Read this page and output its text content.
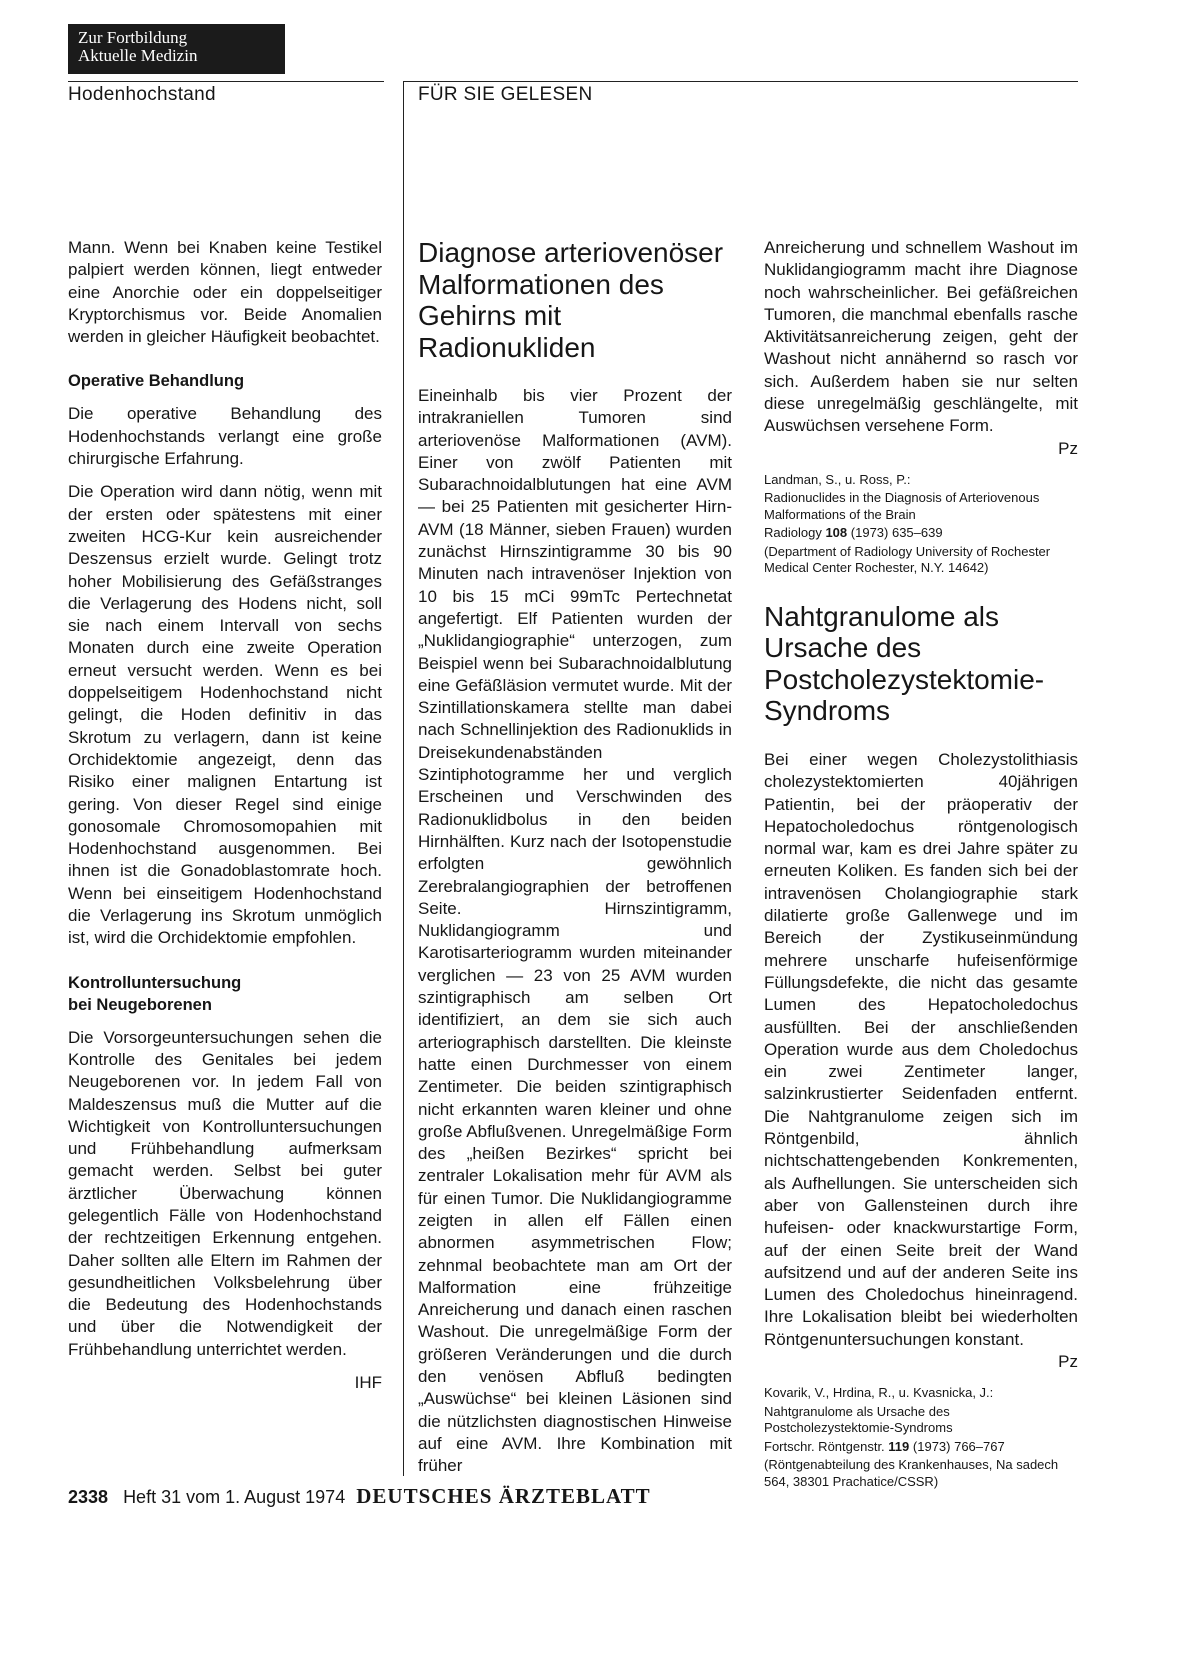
Zur Fortbildung
Aktuelle Medizin
Hodenhochstand	FÜR SIE GELESEN

Mann. Wenn bei Knaben keine Testikel palpiert werden können, liegt entweder eine Anorchie oder ein doppelseitiger Kryptorchismus vor. Beide Anomalien werden in gleicher Häufigkeit beobachtet.

Operative Behandlung

Die operative Behandlung des Hodenhochstands verlangt eine große chirurgische Erfahrung.

Die Operation wird dann nötig, wenn mit der ersten oder spätestens mit einer zweiten HCG-Kur kein ausreichender Deszensus erzielt wurde. Gelingt trotz hoher Mobilisierung des Gefäßstranges die Verlagerung des Hodens nicht, soll sie nach einem Intervall von sechs Monaten durch eine zweite Operation erneut versucht werden. Wenn es bei doppelseitigem Hodenhochstand nicht gelingt, die Hoden definitiv in das Skrotum zu verlagern, dann ist keine Orchidektomie angezeigt, denn das Risiko einer malignen Entartung ist gering. Von dieser Regel sind einige gonosomale Chromosomopahien mit Hodenhochstand ausgenommen. Bei ihnen ist die Gonadoblastomrate hoch. Wenn bei einseitigem Hodenhochstand die Verlagerung ins Skrotum unmöglich ist, wird die Orchidektomie empfohlen.

Kontrolluntersuchung
bei Neugeborenen

Die Vorsorgeuntersuchungen sehen die Kontrolle des Genitales bei jedem Neugeborenen vor. In jedem Fall von Maldeszensus muß die Mutter auf die Wichtigkeit von Kontrolluntersuchungen und Frühbehandlung aufmerksam gemacht werden. Selbst bei guter ärztlicher Überwachung können gelegentlich Fälle von Hodenhochstand der rechtzeitigen Erkennung entgehen. Daher sollten alle Eltern im Rahmen der gesundheitlichen Volksbelehrung über die Bedeutung des Hodenhochstands und über die Notwendigkeit der Frühbehandlung unterrichtet werden.

IHF
Diagnose arteriovenöser Malformationen des Gehirns mit Radionukliden

Eineinhalb bis vier Prozent der intrakraniellen Tumoren sind arteriovenöse Malformationen (AVM). Einer von zwölf Patienten mit Subarachnoidalblutungen hat eine AVM — bei 25 Patienten mit gesicherter Hirn-AVM (18 Männer, sieben Frauen) wurden zunächst Hirnszintigramme 30 bis 90 Minuten nach intravenöser Injektion von 10 bis 15 mCi 99mTc Pertechnetat angefertigt. Elf Patienten wurden der „Nuklidangiographie“ unterzogen, zum Beispiel wenn bei Subarachnoidalblutung eine Gefäßläsion vermutet wurde. Mit der Szintillationskamera stellte man dabei nach Schnellinjektion des Radionuklids in Dreisekundenabständen Szintiphotogramme her und verglich Erscheinen und Verschwinden des Radionuklidbolus in den beiden Hirnhälften. Kurz nach der Isotopenstudie erfolgten gewöhnlich Zerebralangiographien der betroffenen Seite. Hirnszintigramm, Nuklidangiogramm und Karotisarteriogramm wurden miteinander verglichen — 23 von 25 AVM wurden szintigraphisch am selben Ort identifiziert, an dem sie sich auch arteriographisch darstellten. Die kleinste hatte einen Durchmesser von einem Zentimeter. Die beiden szintigraphisch nicht erkannten waren kleiner und ohne große Abflußvenen. Unregelmäßige Form des „heißen Bezirkes“ spricht bei zentraler Lokalisation mehr für AVM als für einen Tumor. Die Nuklidangiogramme zeigten in allen elf Fällen einen abnormen asymmetrischen Flow; zehnmal beobachtete man am Ort der Malformation eine frühzeitige Anreicherung und danach einen raschen Washout. Die unregelmäßige Form der größeren Veränderungen und die durch den venösen Abfluß bedingten „Auswüchse“ bei kleinen Läsionen sind die nützlichsten diagnostischen Hinweise auf eine AVM. Ihre Kombination mit früher

Anreicherung und schnellem Washout im Nuklidangiogramm macht ihre Diagnose noch wahrscheinlicher. Bei gefäßreichen Tumoren, die manchmal ebenfalls rasche Aktivitätsanreicherung zeigen, geht der Washout nicht annähernd so rasch vor sich. Außerdem haben sie nur selten diese unregelmäßig geschlängelte, mit Auswüchsen versehene Form.

Pz
Landman, S., u. Ross, P.:
Radionuclides in the Diagnosis of Arteriovenous Malformations of the Brain
Radiology 108 (1973) 635–639
(Department of Radiology University of Rochester Medical Center Rochester, N.Y. 14642)
Nahtgranulome als Ursache des Postcholezystektomie-Syndroms

Bei einer wegen Cholezystolithiasis cholezystektomierten 40jährigen Patientin, bei der präoperativ der Hepatocholedochus röntgenologisch normal war, kam es drei Jahre später zu erneuten Koliken. Es fanden sich bei der intravenösen Cholangiographie stark dilatierte große Gallenwege und im Bereich der Zystikuseinmündung mehrere unscharfe hufeisenförmige Füllungsdefekte, die nicht das gesamte Lumen des Hepatocholedochus ausfüllten. Bei der anschließenden Operation wurde aus dem Choledochus ein zwei Zentimeter langer, salzinkrustierter Seidenfaden entfernt. Die Nahtgranulome zeigen sich im Röntgenbild, ähnlich nichtschattengebenden Konkrementen, als Aufhellungen. Sie unterscheiden sich aber von Gallensteinen durch ihre hufeisen- oder knackwurstartige Form, auf der einen Seite breit der Wand aufsitzend und auf der anderen Seite ins Lumen des Choledochus hineinragend. Ihre Lokalisation bleibt bei wiederholten Röntgenuntersuchungen konstant.

Pz
Kovarik, V., Hrdina, R., u. Kvasnicka, J.:
Nahtgranulome als Ursache des Postcholezystektomie-Syndroms
Fortschr. Röntgenstr. 119 (1973) 766–767
(Röntgenabteilung des Krankenhauses, Na sadech 564, 38301 Prachatice/CSSR)
2338 Heft 31 vom 1. August 1974 DEUTSCHES ÄRZTEBLATT
